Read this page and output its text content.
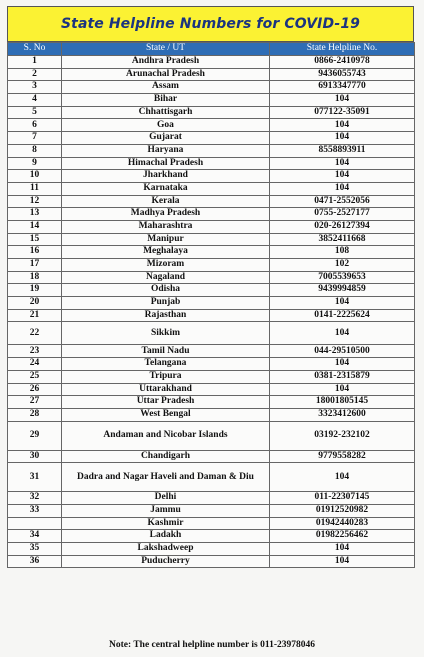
State Helpline Numbers for COVID-19
S. No	State / UT	State Helpline No.
1	Andhra Pradesh	0866-2410978
2	Arunachal Pradesh	9436055743
3	Assam	6913347770
4	Bihar	104
5	Chhattisgarh	077122-35091
6	Goa	104
7	Gujarat	104
8	Haryana	8558893911
9	Himachal Pradesh	104
10	Jharkhand	104
11	Karnataka	104
12	Kerala	0471-2552056
13	Madhya Pradesh	0755-2527177
14	Maharashtra	020-26127394
15	Manipur	3852411668
16	Meghalaya	108
17	Mizoram	102
18	Nagaland	7005539653
19	Odisha	9439994859
20	Punjab	104
21	Rajasthan	0141-2225624
22	Sikkim	104
23	Tamil Nadu	044-29510500
24	Telangana	104
25	Tripura	0381-2315879
26	Uttarakhand	104
27	Uttar Pradesh	18001805145
28	West Bengal	3323412600
29	Andaman and Nicobar Islands	03192-232102
30	Chandigarh	9779558282
31	Dadra and Nagar Haveli and Daman & Diu	104
32	Delhi	011-22307145
33	Jammu	01912520982
	Kashmir	01942440283
34	Ladakh	01982256462
35	Lakshadweep	104
36	Puducherry	104
Note: The central helpline number is 011-23978046
